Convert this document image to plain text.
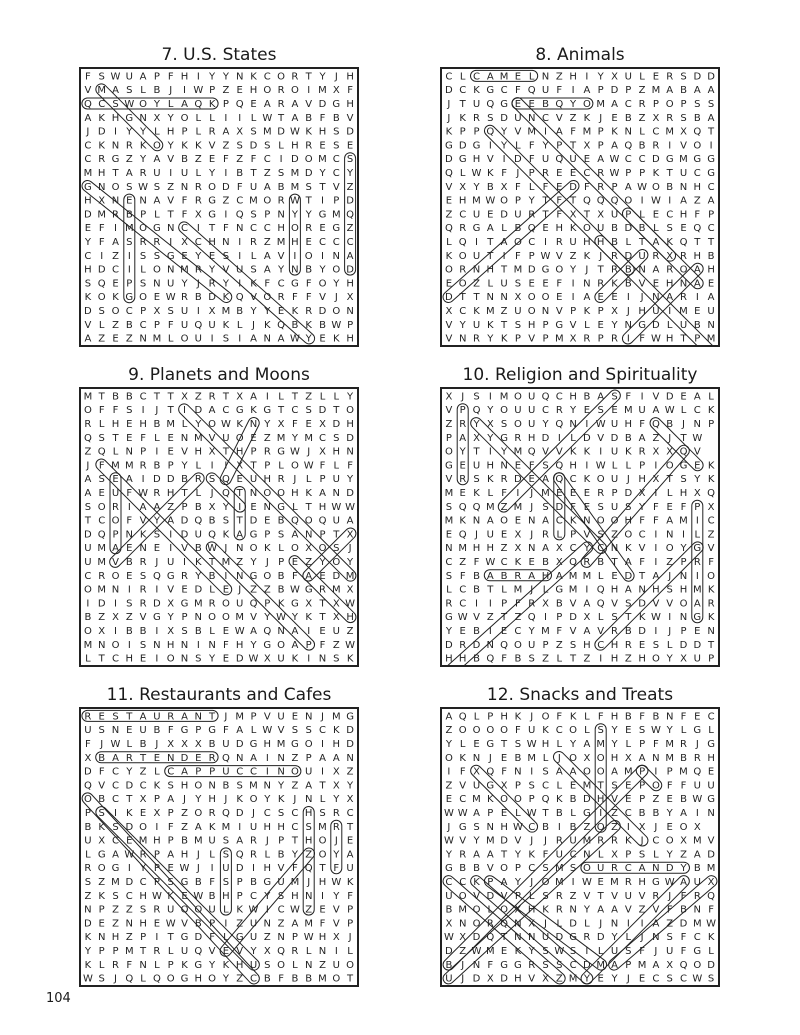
7. U.S. States
FSWUAPFHIYYNKCORTYJH
VMASLBJIWPZEHOROIMXF
QCSWOYLAQKPQEARAVDGH
AKHGNXYOLLIILWTABFBV
JDIYYLHPLRAXSMDWKHSD
CKNRKOYKKVZSDSLHRESE
CRGZYAVBZEFZFCIDOMCS
MHTARUIULYIBTZSMDYCY
GNOSWSZNRODFUABMSTVZ
HXNENAVFRGZCMORWTIPD
DMRBPLTFXGIQSPNYYGMQ
EFIMOGNCITFNCCHOREGZ
YFASRRIXCHNIRZMHECCC
CIZISSGEYESILAVIOINA
HDCILONMRYVUSAYNBYOD
SQEPSNUYJRYIKFCGFOYH
KOKGOEWRBDKQVORFFVJX
DSOCPXSUIXMBYYEKRDON
VLZBCPFUQUKLJKQBKBWP
AZEZNMLOUISIANAWYEKH
8. Animals
CLCAMELNZHIYXULERSDD
DCKGCFQUFIAPDPZMABAA
JTUQGEEBQYOMACRPOPSS
JKRSDUNCVZKJEBZXRSBA
KPPQYVMIAFMPKNLCMXQT
GDGIYLFYPTXPAQBRIVOI
DGHVIDFUQUEAWCCDGMGG
QLWKFJPREECRWPPKTUCG
VXYBXFLFEDFRPAWOBNHC
EHMWOPYTFTQQQOIWIAZA
ZCUEDURTFXTXUPLECHFP
QRGALBQEHKOUBDBLSEQC
LQITAOCIRUHHBLTAKQTT
KOUTIFPWVZKJRDURXRHB
ORNHTMDGOYJTRBNAROAH
EOZLUSEEFINRKBVEHNAE
DTTNNXOOEIAEEIJNARIA
XCKMZUONVPKPXJHUIMEU
VYUKTSHPGVLEYNGDLUBN
VNRYKPVPMXRPRIFWHTPM
9. Planets and Moons
MTBBCTTXZRTXAILTZLLY
OFFSIJTIDACGKGTCSDTO
RLHEHBMLYOWKNYXFEXDH
QSTEFLENMVUOEZMYMCSD
ZQLNPIEVHXTHPRGWJXHN
JFMMRBPYLIIXTPLOWFLF
ASEAIDDBRSQEUHRJLPUY
AEUFWRHTLJQTNOOHKAND
SORIAAZPBXYIENGLTHWW
TCOFVYADQBSTDEBQOQUA
DQPNKSIDUQKAGPSANPTX
UMAENEIVBWJNOKLOXOSJ
UMVBRJUIKTMZYJPEZYOY
CROESQGRYBINGOBFAEDM
OMNIRIVEDLEJZZBWGRMX
IDISRDXGMROUQPKGXTXW
BZXZVGYPNOOMVYWYKTXH
OXIBBIXSBLEWAQNAIEUZ
MNOISNHNINFHYGOAPFZW
LTCHEIONSYEDWXUKINSK
10. Religion and Spirituality
XJSIMOUQCHBASFIVDEAL
VPQYOUUCRYESEMUAWLCK
ZRYXSOUYQNIWUHFQBJNP
PAXYGRHDILDVDBAZJTW
OYTIYMQVVKKIUKRXXQV
GEUHNEFSQHIWLLPIOGEK
VRSKRDEAQCKOUJHXTSYK
MEKLFIJMEEERPDXILHXQ
SQQMZMJSDFESUSYFEFPX
MKNAOENACKNOOHFFAMIC
EQJUEXJRLPVSZOCINILZ
NMHHZXNAXCYCNKVIOYGV
CZFWCKEBXQRBTAFIZPRF
SFBABRAHAMMLEDTAJNIO
LCBTLMJLGMIQHANHSHMK
RCIIPFRXBVAQVSDVVOAR
GWVZTZQIPDXLSTKWINGK
YEBIECYMFVAVRBDIJPEN
DRDNQOUPZSHCHRESLDDT
HHBQFBSZLTZIHZHOYXUP
11. Restaurants and Cafes
RESTAURANTJMPVUENJMG
USNEUBFGPGFALWVSSCKD
FJWLBJXXXBUDGHMGOIHD
XBARTENDERQNAINZPAAN
DFCYZLCAPPUCCINOUIXZ
QVCDCKSHONBSMNYZATXY
OBCTXPAJYHJKOYKJNLYX
PSIKEXPZORQDJCSCHSRC
BKSDOIFZAKMIUHHCSMRT
UXCEMHPBMUSARJPTHOJE
LGAWRPAHJLSQRLBYZOYA
ROGIYPEWJIUDIHVFQTFU
SZMDCPSGBFSPBGUMJHWK
ZKSCHWKEWBHPCYSHNIYF
NPZZSRUQOULKWICWZEVP
DEZNHEWVBPIZUNZAMFVP
KNHZPITGDFLGUZNPWHXJ
YPPMTRLUQVEVYXQRLNIL
KLRFNLPKGYKHUSOLNZUO
WSJQLQOGHOYZCBFBBMOT
12. Snacks and Treats
AQLPHKJOFKLFHBFBNFEC
ZOOOOFUKCOLSYESWYLGL
YLEGTSWHLYAMYLPFMRJG
OKNJEBMLJOXOHXANMBRH
IFXQFNISAAOOAMPIPMQE
ZVUGXPSCLEMTSEPOFFUU
ECMKOOPQKBDHVEPZEBWG
WWAPELWTBLGIZCBBYAIN
JGSNHWCBIBZOZIXJEOX
WVYMDVJJRUMRRKJCOXMV
YRAATYKFUCNLXPSLYZAD
GBBVOPCSMSOURCANDYBM
CCKPAYJOMIWEMRHGWAUX
UOVDVPLSRZVTVUVRJFRQ
BMOLOXHKRNYAAVZVFBNF
XNORQNXJLDLJNIIAZDMW
WXDQTNNUDGRDYLJNSFCK
DZWMEKYSWSILUSFJUFGL
BJNFGGRSSCDMAPMAXQOD
UJDXDHVXZMYEYJECSCWS
104
